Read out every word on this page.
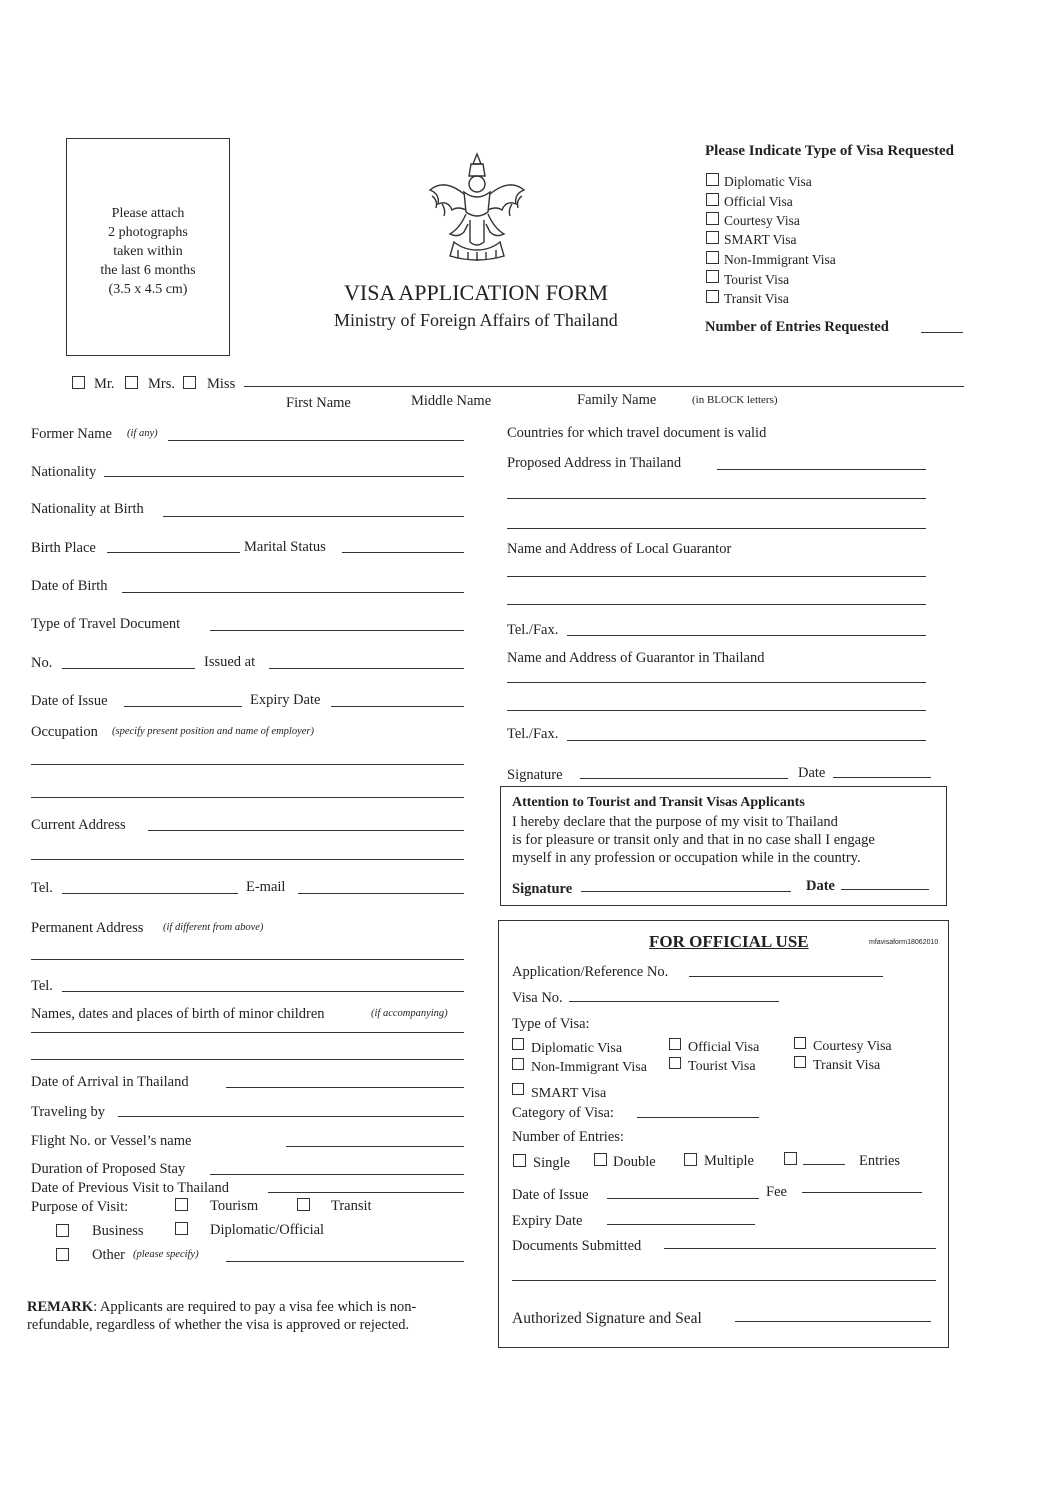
Please attach
2 photographs
taken within
the last 6 months
(3.5 x 4.5 cm)	VISA APPLICATION FORM
Ministry of Foreign Affairs of Thailand
Please Indicate Type of Visa Requested
Diplomatic Visa
Official Visa
Courtesy Visa
SMART Visa
Non-Immigrant Visa
Tourist Visa
Transit Visa
Number of Entries Requested
Mr. Mrs. Miss
First Name	Middle Name	Family Name	(in BLOCK letters)
Former Name (if any)
Nationality
Nationality at Birth
Birth Place	Marital Status
Date of Birth
Type of Travel Document
No.	Issued at
Date of Issue	Expiry Date
Occupation (specify present position and name of employer)
Current Address
Tel.	E-mail
Permanent Address (if different from above)
Tel.
Names, dates and places of birth of minor children	(if accompanying)
Date of Arrival in Thailand
Traveling by
Flight No. or Vessel’s name
Duration of Proposed Stay
Date of Previous Visit to Thailand
Purpose of Visit:	Tourism	Transit
Business	Diplomatic/Official
Other (please specify)
REMARK: Applicants are required to pay a visa fee which is non-
refundable, regardless of whether the visa is approved or rejected.
Countries for which travel document is valid
Proposed Address in Thailand
Name and Address of Local Guarantor
Tel./Fax.
Name and Address of Guarantor in Thailand
Tel./Fax.
Signature	Date
Attention to Tourist and Transit Visas Applicants
I hereby declare that the purpose of my visit to Thailand
is for pleasure or transit only and that in no case shall I engage
myself in any profession or occupation while in the country.
Signature	Date
FOR OFFICIAL USE	mfavisaform18062010
Application/Reference No.
Visa No.
Type of Visa:
Diplomatic Visa	Official Visa	Courtesy Visa
Non-Immigrant Visa	Tourist Visa	Transit Visa
SMART Visa
Category of Visa:
Number of Entries:
Single	Double	Multiple	Entries
Date of Issue	Fee
Expiry Date
Documents Submitted
Authorized Signature and Seal
